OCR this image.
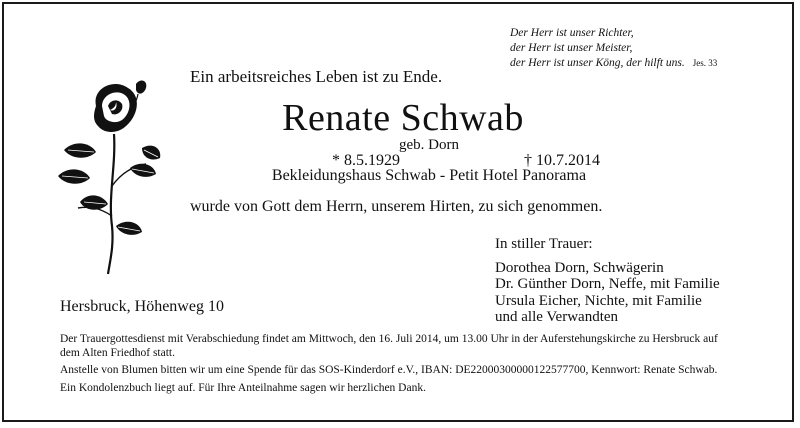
Der Herr ist unser Richter,
der Herr ist unser Meister,
der Herr ist unser Köng, der hilft uns. Jes. 33
Ein arbeitsreiches Leben ist zu Ende.
Renate Schwab
geb. Dorn
* 8.5.1929	† 10.7.2014
Bekleidungshaus Schwab - Petit Hotel Panorama
wurde von Gott dem Herrn, unserem Hirten, zu sich genommen.
In stiller Trauer:
Dorothea Dorn, Schwägerin
Dr. Günther Dorn, Neffe, mit Familie
Ursula Eicher, Nichte, mit Familie
und alle Verwandten
Hersbruck, Höhenweg 10

Der Trauergottesdienst mit Verabschiedung findet am Mittwoch, den 16. Juli 2014, um 13.00 Uhr in der Auferstehungskirche zu Hersbruck auf dem Alten Friedhof statt.

Anstelle von Blumen bitten wir um eine Spende für das SOS-Kinderdorf e.V., IBAN: DE22000300000122577700, Kennwort: Renate Schwab.

Ein Kondolenzbuch liegt auf. Für Ihre Anteilnahme sagen wir herzlichen Dank.
